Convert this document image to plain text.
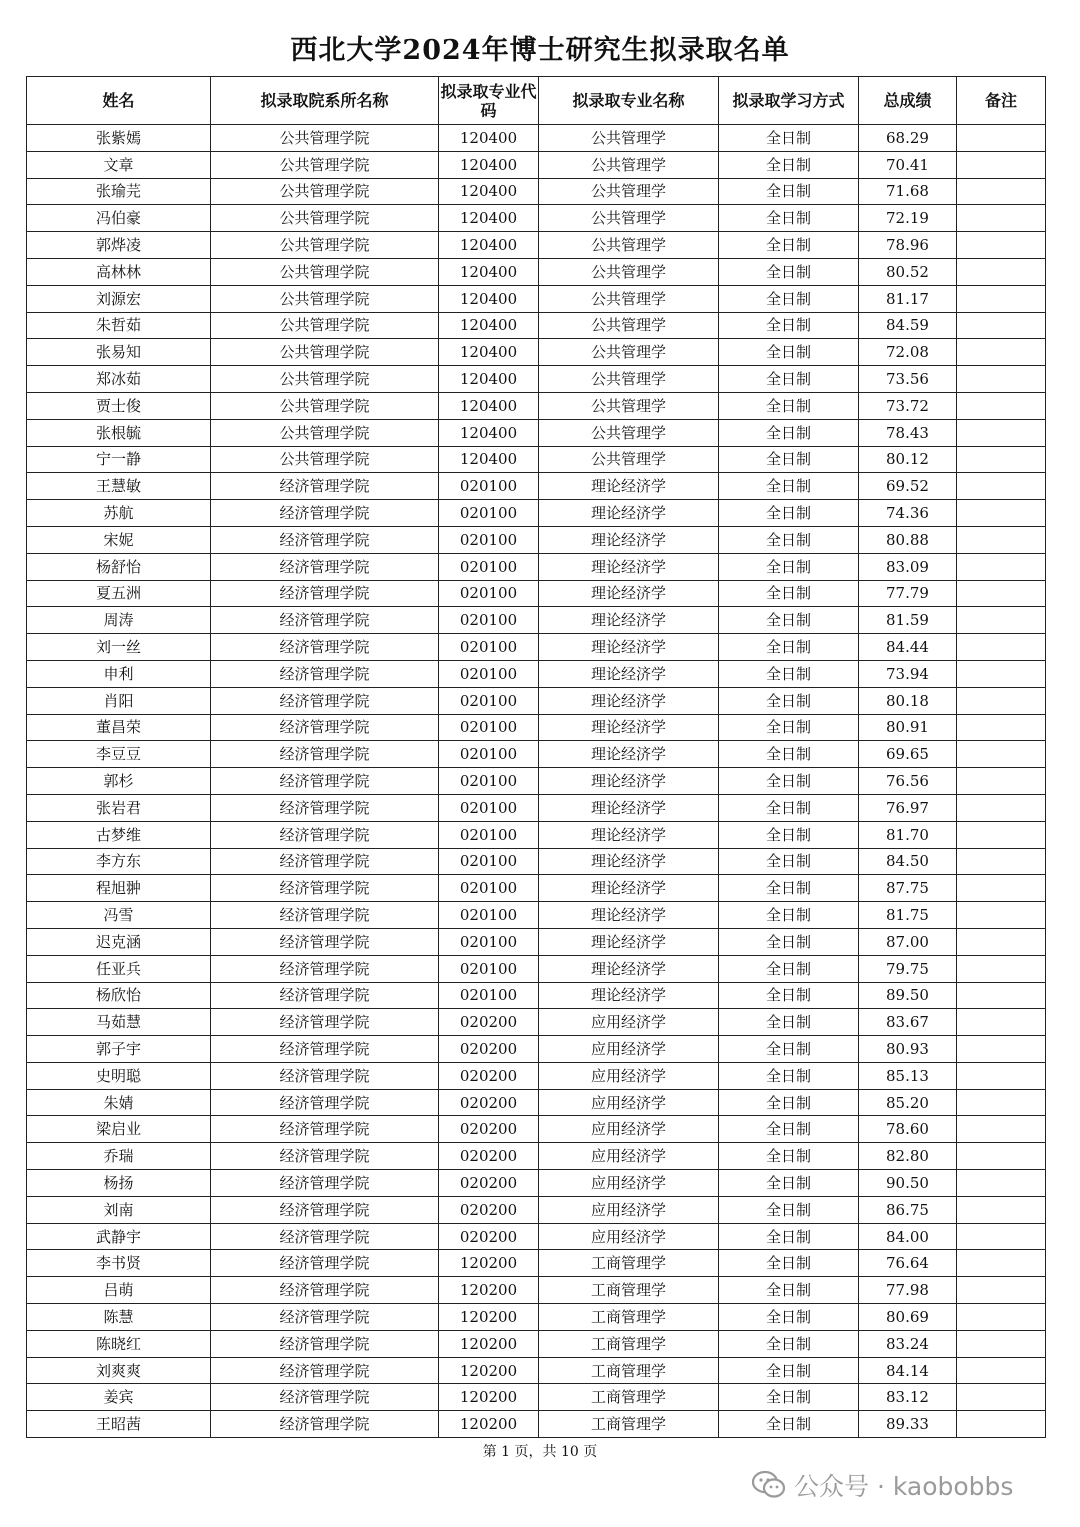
西北大学2024年博士研究生拟录取名单
姓名	拟录取院系所名称	拟录取专业代码	拟录取专业名称	拟录取学习方式	总成绩	备注
张紫嫣	公共管理学院	120400	公共管理学	全日制	68.29	
文章	公共管理学院	120400	公共管理学	全日制	70.41	
张瑜芫	公共管理学院	120400	公共管理学	全日制	71.68	
冯伯豪	公共管理学院	120400	公共管理学	全日制	72.19	
郭烨凌	公共管理学院	120400	公共管理学	全日制	78.96	
高林林	公共管理学院	120400	公共管理学	全日制	80.52	
刘源宏	公共管理学院	120400	公共管理学	全日制	81.17	
朱哲茹	公共管理学院	120400	公共管理学	全日制	84.59	
张易知	公共管理学院	120400	公共管理学	全日制	72.08	
郑冰茹	公共管理学院	120400	公共管理学	全日制	73.56	
贾士俊	公共管理学院	120400	公共管理学	全日制	73.72	
张根毓	公共管理学院	120400	公共管理学	全日制	78.43	
宁一静	公共管理学院	120400	公共管理学	全日制	80.12	
王慧敏	经济管理学院	020100	理论经济学	全日制	69.52	
苏航	经济管理学院	020100	理论经济学	全日制	74.36	
宋妮	经济管理学院	020100	理论经济学	全日制	80.88	
杨舒怡	经济管理学院	020100	理论经济学	全日制	83.09	
夏五洲	经济管理学院	020100	理论经济学	全日制	77.79	
周涛	经济管理学院	020100	理论经济学	全日制	81.59	
刘一丝	经济管理学院	020100	理论经济学	全日制	84.44	
申利	经济管理学院	020100	理论经济学	全日制	73.94	
肖阳	经济管理学院	020100	理论经济学	全日制	80.18	
董昌荣	经济管理学院	020100	理论经济学	全日制	80.91	
李豆豆	经济管理学院	020100	理论经济学	全日制	69.65	
郭杉	经济管理学院	020100	理论经济学	全日制	76.56	
张岩君	经济管理学院	020100	理论经济学	全日制	76.97	
古梦维	经济管理学院	020100	理论经济学	全日制	81.70	
李方东	经济管理学院	020100	理论经济学	全日制	84.50	
程旭翀	经济管理学院	020100	理论经济学	全日制	87.75	
冯雪	经济管理学院	020100	理论经济学	全日制	81.75	
迟克涵	经济管理学院	020100	理论经济学	全日制	87.00	
任亚兵	经济管理学院	020100	理论经济学	全日制	79.75	
杨欣怡	经济管理学院	020100	理论经济学	全日制	89.50	
马茹慧	经济管理学院	020200	应用经济学	全日制	83.67	
郭子宇	经济管理学院	020200	应用经济学	全日制	80.93	
史明聪	经济管理学院	020200	应用经济学	全日制	85.13	
朱婧	经济管理学院	020200	应用经济学	全日制	85.20	
梁启业	经济管理学院	020200	应用经济学	全日制	78.60	
乔瑞	经济管理学院	020200	应用经济学	全日制	82.80	
杨扬	经济管理学院	020200	应用经济学	全日制	90.50	
刘南	经济管理学院	020200	应用经济学	全日制	86.75	
武静宇	经济管理学院	020200	应用经济学	全日制	84.00	
李书贤	经济管理学院	120200	工商管理学	全日制	76.64	
吕萌	经济管理学院	120200	工商管理学	全日制	77.98	
陈慧	经济管理学院	120200	工商管理学	全日制	80.69	
陈晓红	经济管理学院	120200	工商管理学	全日制	83.24	
刘爽爽	经济管理学院	120200	工商管理学	全日制	84.14	
姜宾	经济管理学院	120200	工商管理学	全日制	83.12	
王昭茜	经济管理学院	120200	工商管理学	全日制	89.33	
第 1 页，共 10 页
公众号 · kaobobbs
